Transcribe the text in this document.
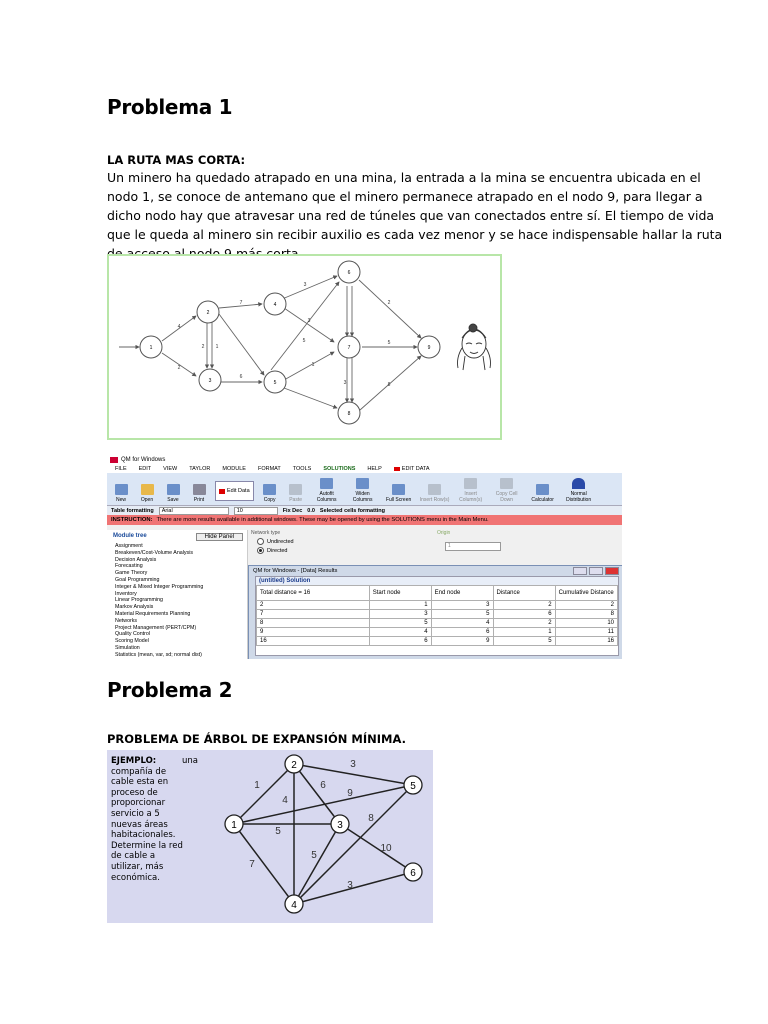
Problema 1
LA RUTA MAS CORTA:
Un minero ha quedado atrapado en una mina, la entrada a la mina se encuentra ubicada en el
nodo 1, se conoce de antemano que el minero permanece atrapado en el nodo 9, para llegar a
dicho nodo hay que atravesar una red de túneles que van conectados entre sí. El tiempo de vida
que le queda al minero sin recibir auxilio es cada vez menor y se hace indispensable hallar la ruta
1
2
3
4
5
6
7
8
9
4
2
7
2 1
6
3
3
5
1
5
2
3	8
QM for Windows
FILE EDIT VIEW TAYLOR MODULE FORMAT TOOLS SOLUTIONS HELP	EDIT DATA
New	Open	Save	Print
Edit Data
Copy	Paste
Autofit Columns
Widen Columns	Full Screen Insert Row(s)
Insert Column(s)
Copy Cell Down	Calculator
Normal Distribution
Table formatting	Arial	10	Fix Dec 0.0 Selected cells formatting
INSTRUCTION: There are more results available in additional windows. These may be opened by using the SOLUTIONS menu in the Main Menu.
Module tree	Hide Panel
Assignment
Breakeven/Cost-Volume Analysis
Decision Analysis
Forecasting
Game Theory
Goal Programming
Integer & Mixed Integer Programming
Inventory
Linear Programming
Markov Analysis
Material Requirements Planning
Networks
Project Management (PERT/CPM)
Quality Control
Scoring Model
Simulation
Statistics (mean, var, sd; normal dist)
Network type
Undirected
Directed
Origin
1
QM for Windows - [Data] Results
(untitled) Solution
Total distance = 16	Start node	End node	Distance	Cumulative Distance
2	1	3	2	2
7	3	5	6	8
8	5	4	2	10
9	4	6	1	11
16	6	9	5	16
Problema 2
PROBLEMA DE ÁRBOL DE EXPANSIÓN MÍNIMA.
EJEMPLO:	una
compañía de
cable esta en
proceso de
proporcionar
servicio a 5
nuevas áreas
habitacionales.
Determine la red
de cable a
utilizar, más
económica.
1
2
3
4
5
6
1
4
6
3
9
5
8
5
7
10
3
